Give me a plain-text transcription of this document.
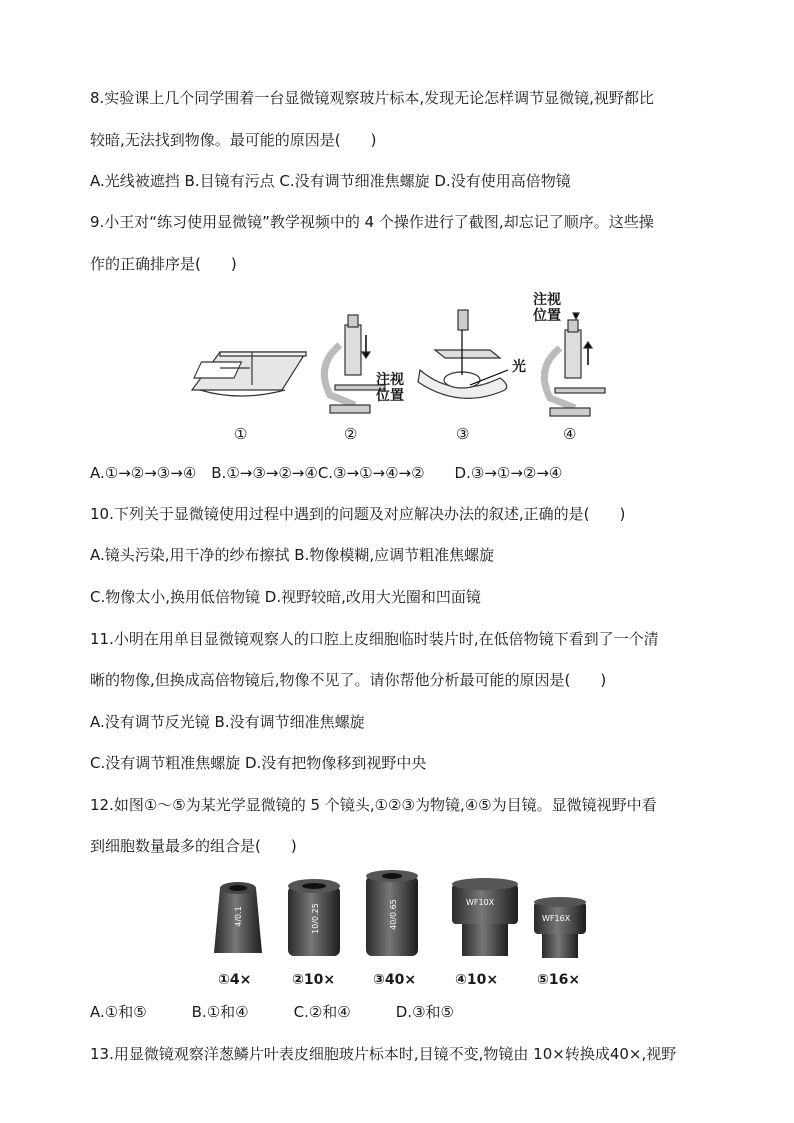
8.实验课上几个同学围着一台显微镜观察玻片标本,发现无论怎样调节显微镜,视野都比
较暗,无法找到物像。最可能的原因是(　　)
A.光线被遮挡 B.目镜有污点 C.没有调节细准焦螺旋 D.没有使用高倍物镜
9.小王对“练习使用显微镜”教学视频中的 4 个操作进行了截图,却忘记了顺序。这些操
作的正确排序是(　　)
注视
位置
注视
位置
光
①	②	③	④
A.①→②→③→④　B.①→③→②→④C.③→①→④→②　　D.③→①→②→④
10.下列关于显微镜使用过程中遇到的问题及对应解决办法的叙述,正确的是(　　)
A.镜头污染,用干净的纱布擦拭 B.物像模糊,应调节粗准焦螺旋
C.物像太小,换用低倍物镜 D.视野较暗,改用大光圈和凹面镜
11.小明在用单目显微镜观察人的口腔上皮细胞临时装片时,在低倍物镜下看到了一个清
晰的物像,但换成高倍物镜后,物像不见了。请你帮他分析最可能的原因是(　　)
A.没有调节反光镜 B.没有调节细准焦螺旋
C.没有调节粗准焦螺旋 D.没有把物像移到视野中央
12.如图①～⑤为某光学显微镜的 5 个镜头,①②③为物镜,④⑤为目镜。显微镜视野中看
到细胞数量最多的组合是(　　)
4/0.1	10/0.25	40/0.65	WF10X
WF16X
①4×	②10×	③40×	④10×	⑤16×
A.①和⑤　　　B.①和④　　　C.②和④　　　D.③和⑤
13.用显微镜观察洋葱鳞片叶表皮细胞玻片标本时,目镜不变,物镜由 10×转换成40×,视野
